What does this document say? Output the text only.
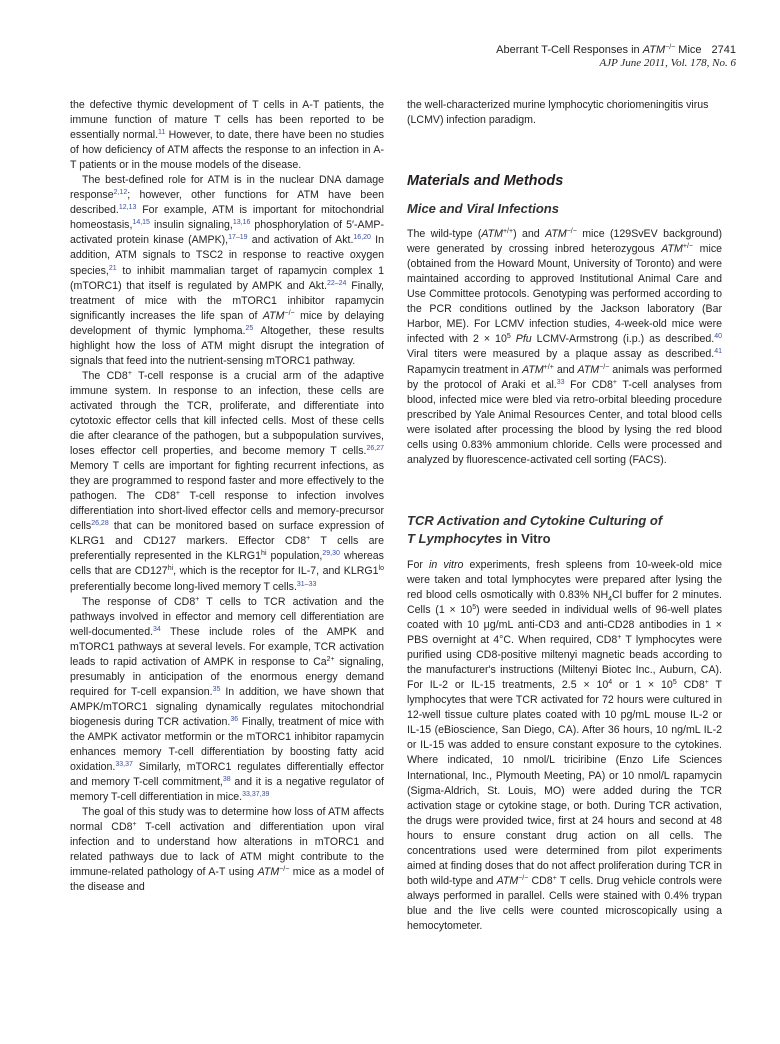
Aberrant T-Cell Responses in ATM−/− Mice 2741
AJP June 2011, Vol. 178, No. 6

the defective thymic development of T cells in A-T patients, the immune function of mature T cells has been reported to be essentially normal.$^{11}$ However, to date, there have been no studies of how deficiency of ATM affects the response to an infection in A-T patients or in the mouse models of the disease.

The best-defined role for ATM is in the nuclear DNA damage response$^{2,12}$; however, other functions for ATM have been described.$^{12,13}$ For example, ATM is important for mitochondrial homeostasis,$^{14,15}$ insulin signaling,$^{13,16}$ phosphorylation of 5′-AMP-activated protein kinase (AMPK),$^{17-19}$ and activation of Akt.$^{16,20}$ In addition, ATM signals to TSC2 in response to reactive oxygen species,$^{21}$ to inhibit mammalian target of rapamycin complex 1 (mTORC1) that itself is regulated by AMPK and Akt.$^{22-24}$ Finally, treatment of mice with the mTORC1 inhibitor rapamycin significantly increases the life span of ATM−/− mice by delaying development of thymic lymphoma.$^{25}$ Altogether, these results highlight how the loss of ATM might disrupt the integration of signals that feed into the nutrient-sensing mTORC1 pathway.

The CD8+ T-cell response is a crucial arm of the adaptive immune system. In response to an infection, these cells are activated through the TCR, proliferate, and differentiate into cytotoxic effector cells that kill infected cells. Most of these cells die after clearance of the pathogen, but a subpopulation survives, loses effector cell properties, and become memory T cells.$^{26,27}$ Memory T cells are important for fighting recurrent infections, as they are programmed to respond faster and more effectively to the pathogen. The CD8+ T-cell response to infection involves differentiation into short-lived effector cells and memory-precursor cells$^{26,28}$ that can be monitored based on surface expression of KLRG1 and CD127 markers. Effector CD8+ T cells are preferentially represented in the $KLRG1^{hi}$ population,$^{29,30}$ whereas cells that are $CD127^{hi}$, which is the receptor for IL-7, and $KLRG1^{lo}$ preferentially become long-lived memory T cells.$^{31-33}$

The response of CD8+ T cells to TCR activation and the pathways involved in effector and memory cell differentiation are well-documented.$^{34}$ These include roles of the AMPK and mTORC1 pathways at several levels. For example, TCR activation leads to rapid activation of AMPK in response to $Ca^{2+}$ signaling, presumably in anticipation of the enormous energy demand required for T-cell expansion.$^{35}$ In addition, we have shown that AMPK/mTORC1 signaling dynamically regulates mitochondrial biogenesis during TCR activation.$^{36}$ Finally, treatment of mice with the AMPK activator metformin or the mTORC1 inhibitor rapamycin enhances memory T-cell differentiation by boosting fatty acid oxidation.$^{33,37}$ Similarly, mTORC1 regulates differentially effector and memory T-cell commitment,$^{38}$ and it is a negative regulator of memory T-cell differentiation in mice.$^{33,37,39}$

The goal of this study was to determine how loss of ATM affects normal CD8+ T-cell activation and differentiation upon viral infection and to understand how alterations in mTORC1 and related pathways due to lack of ATM might contribute to the immune-related pathology of A-T using ATM−/− mice as a model of the disease and

the well-characterized murine lymphocytic choriomeningitis virus (LCMV) infection paradigm.

Materials and Methods
Mice and Viral Infections

The wild-type (ATM+/+) and ATM−/− mice (129SvEV background) were generated by crossing inbred heterozygous ATM+/− mice (obtained from the Howard Mount, University of Toronto) and were maintained according to approved Institutional Animal Care and Use Committee protocols. Genotyping was performed according to the PCR conditions outlined by the Jackson laboratory (Bar Harbor, ME). For LCMV infection studies, 4-week-old mice were infected with $2 \times 10^5$ Pfu LCMV-Armstrong (i.p.) as described.$^{40}$ Viral titers were measured by a plaque assay as described.$^{41}$ Rapamycin treatment in ATM+/+ and ATM−/− animals was performed by the protocol of Araki et al.$^{33}$ For CD8+ T-cell analyses from blood, infected mice were bled via retro-orbital bleeding procedure prescribed by Yale Animal Resources Center, and total blood cells were isolated after processing the blood by lysing the red blood cells using 0.83% ammonium chloride. Cells were processed and analyzed by fluorescence-activated cell sorting (FACS).

TCR Activation and Cytokine Culturing of
T Lymphocytes in Vitro

For in vitro experiments, fresh spleens from 10-week-old mice were taken and total lymphocytes were prepared after lysing the red blood cells osmotically with 0.83% $NH_4Cl$ buffer for 2 minutes. Cells $(1 \times 10^5)$ were seeded in individual wells of 96-well plates coated with 10 μg/mL anti-CD3 and anti-CD28 antibodies in 1 × PBS overnight at 4°C. When required, CD8+ T lymphocytes were purified using CD8-positive miltenyi magnetic beads according to the manufacturer's instructions (Miltenyi Biotec Inc., Auburn, CA). For IL-2 or IL-15 treatments, $2.5 \times 10^4$ or $1 \times 10^5$ CD8+ T lymphocytes that were TCR activated for 72 hours were cultured in 12-well tissue culture plates coated with 10 pg/mL mouse IL-2 or IL-15 (eBioscience, San Diego, CA). After 36 hours, 10 ng/mL IL-2 or IL-15 was added to ensure constant exposure to the cytokines. Where indicated, 10 nmol/L triciribine (Enzo Life Sciences International, Inc., Plymouth Meeting, PA) or 10 nmol/L rapamycin (Sigma-Aldrich, St. Louis, MO) were added during the TCR activation stage or cytokine stage, or both. During TCR activation, the drugs were provided twice, first at 24 hours and second at 48 hours to ensure constant drug action on all cells. The concentrations used were determined from pilot experiments aimed at finding doses that do not affect proliferation during TCR in both wild-type and ATM−/− CD8+ T cells. Drug vehicle controls were always performed in parallel. Cells were stained with 0.4% trypan blue and the live cells were counted microscopically using a hemocytometer.
